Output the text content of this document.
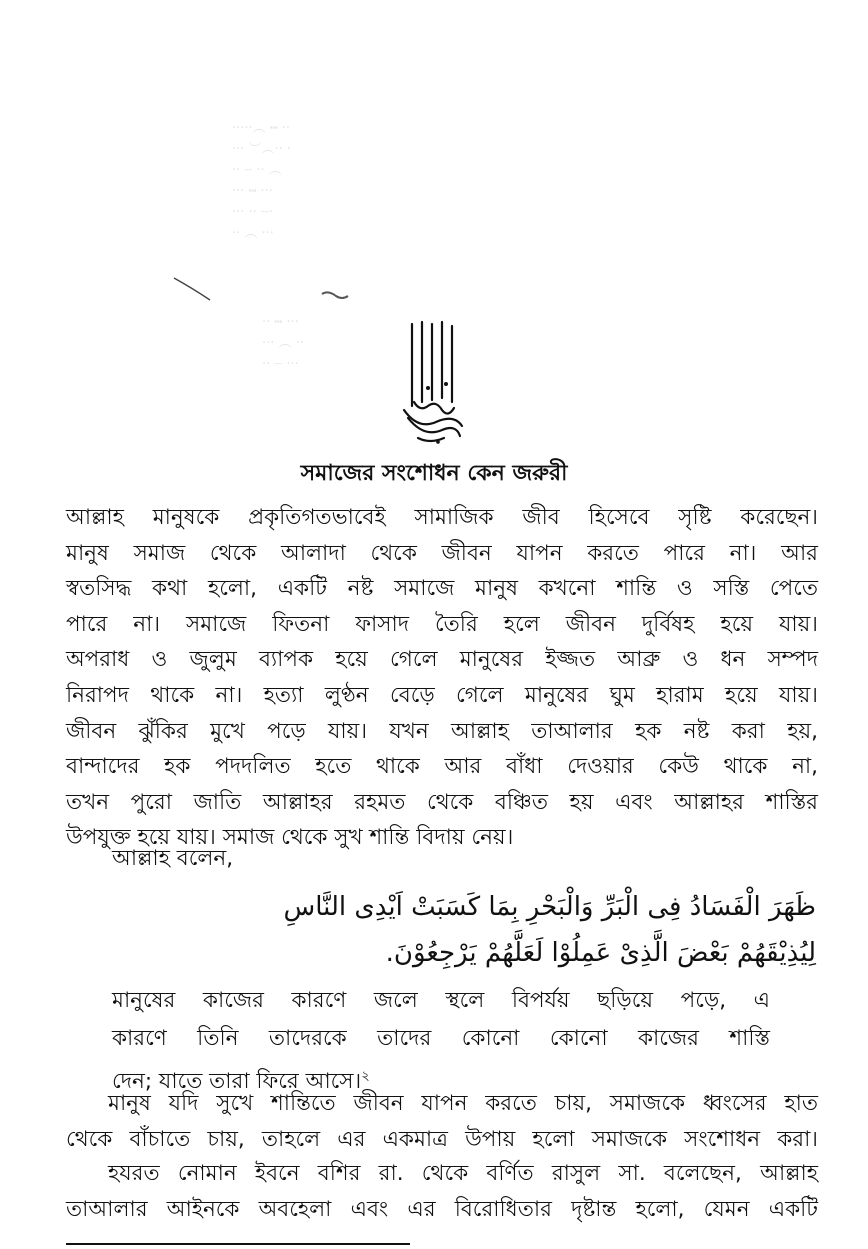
·····︵ ┅ ··
··· ︶︵·· ·
·· ┈ ·· ︵
··· ┅ ···
··· ·· ┈·
·· ︵ ···
·· ┅ ···
··· ︵ ··
·· ┈ ···
সমাজের সংশোধন কেন জরুরী
আল্লাহ মানুষকে প্রকৃতিগতভাবেই সামাজিক জীব হিসেবে সৃষ্টি করেছেন।
মানুষ সমাজ থেকে আলাদা থেকে জীবন যাপন করতে পারে না। আর
স্বতসিদ্ধ কথা হলো, একটি নষ্ট সমাজে মানুষ কখনো শান্তি ও সস্তি পেতে
পারে না। সমাজে ফিতনা ফাসাদ তৈরি হলে জীবন দুর্বিষহ হয়ে যায়।
অপরাধ ও জুলুম ব্যাপক হয়ে গেলে মানুষের ইজ্জত আব্রু ও ধন সম্পদ
নিরাপদ থাকে না। হত্যা লুণ্ঠন বেড়ে গেলে মানুষের ঘুম হারাম হয়ে যায়।
জীবন ঝুঁকির মুখে পড়ে যায়। যখন আল্লাহ তাআলার হক নষ্ট করা হয়,
বান্দাদের হক পদদলিত হতে থাকে আর বাঁধা দেওয়ার কেউ থাকে না,
তখন পুরো জাতি আল্লাহর রহমত থেকে বঞ্চিত হয় এবং আল্লাহর শাস্তির
উপযুক্ত হয়ে যায়। সমাজ থেকে সুখ শান্তি বিদায় নেয়।
আল্লাহ বলেন,
ظَهَرَ الْفَسَادُ فِى الْبَرِّ وَالْبَحْرِ بِمَا كَسَبَتْ اَيْدِى النَّاسِ
لِيُذِيْقَهُمْ بَعْضَ الَّذِىْ عَمِلُوْا لَعَلَّهُمْ يَرْجِعُوْنَ.
মানুষের কাজের কারণে জলে স্থলে বিপর্যয় ছড়িয়ে পড়ে, এ
কারণে তিনি তাদেরকে তাদের কোনো কোনো কাজের শাস্তি
দেন; যাতে তারা ফিরে আসে।$^২$
মানুষ যদি সুখে শান্তিতে জীবন যাপন করতে চায়, সমাজকে ধ্বংসের হাত
থেকে বাঁচাতে চায়, তাহলে এর একমাত্র উপায় হলো সমাজকে সংশোধন করা।
হযরত নোমান ইবনে বশির রা. থেকে বর্ণিত রাসুল সা. বলেছেন, আল্লাহ
তাআলার আইনকে অবহেলা এবং এর বিরোধিতার দৃষ্টান্ত হলো, যেমন একটি
